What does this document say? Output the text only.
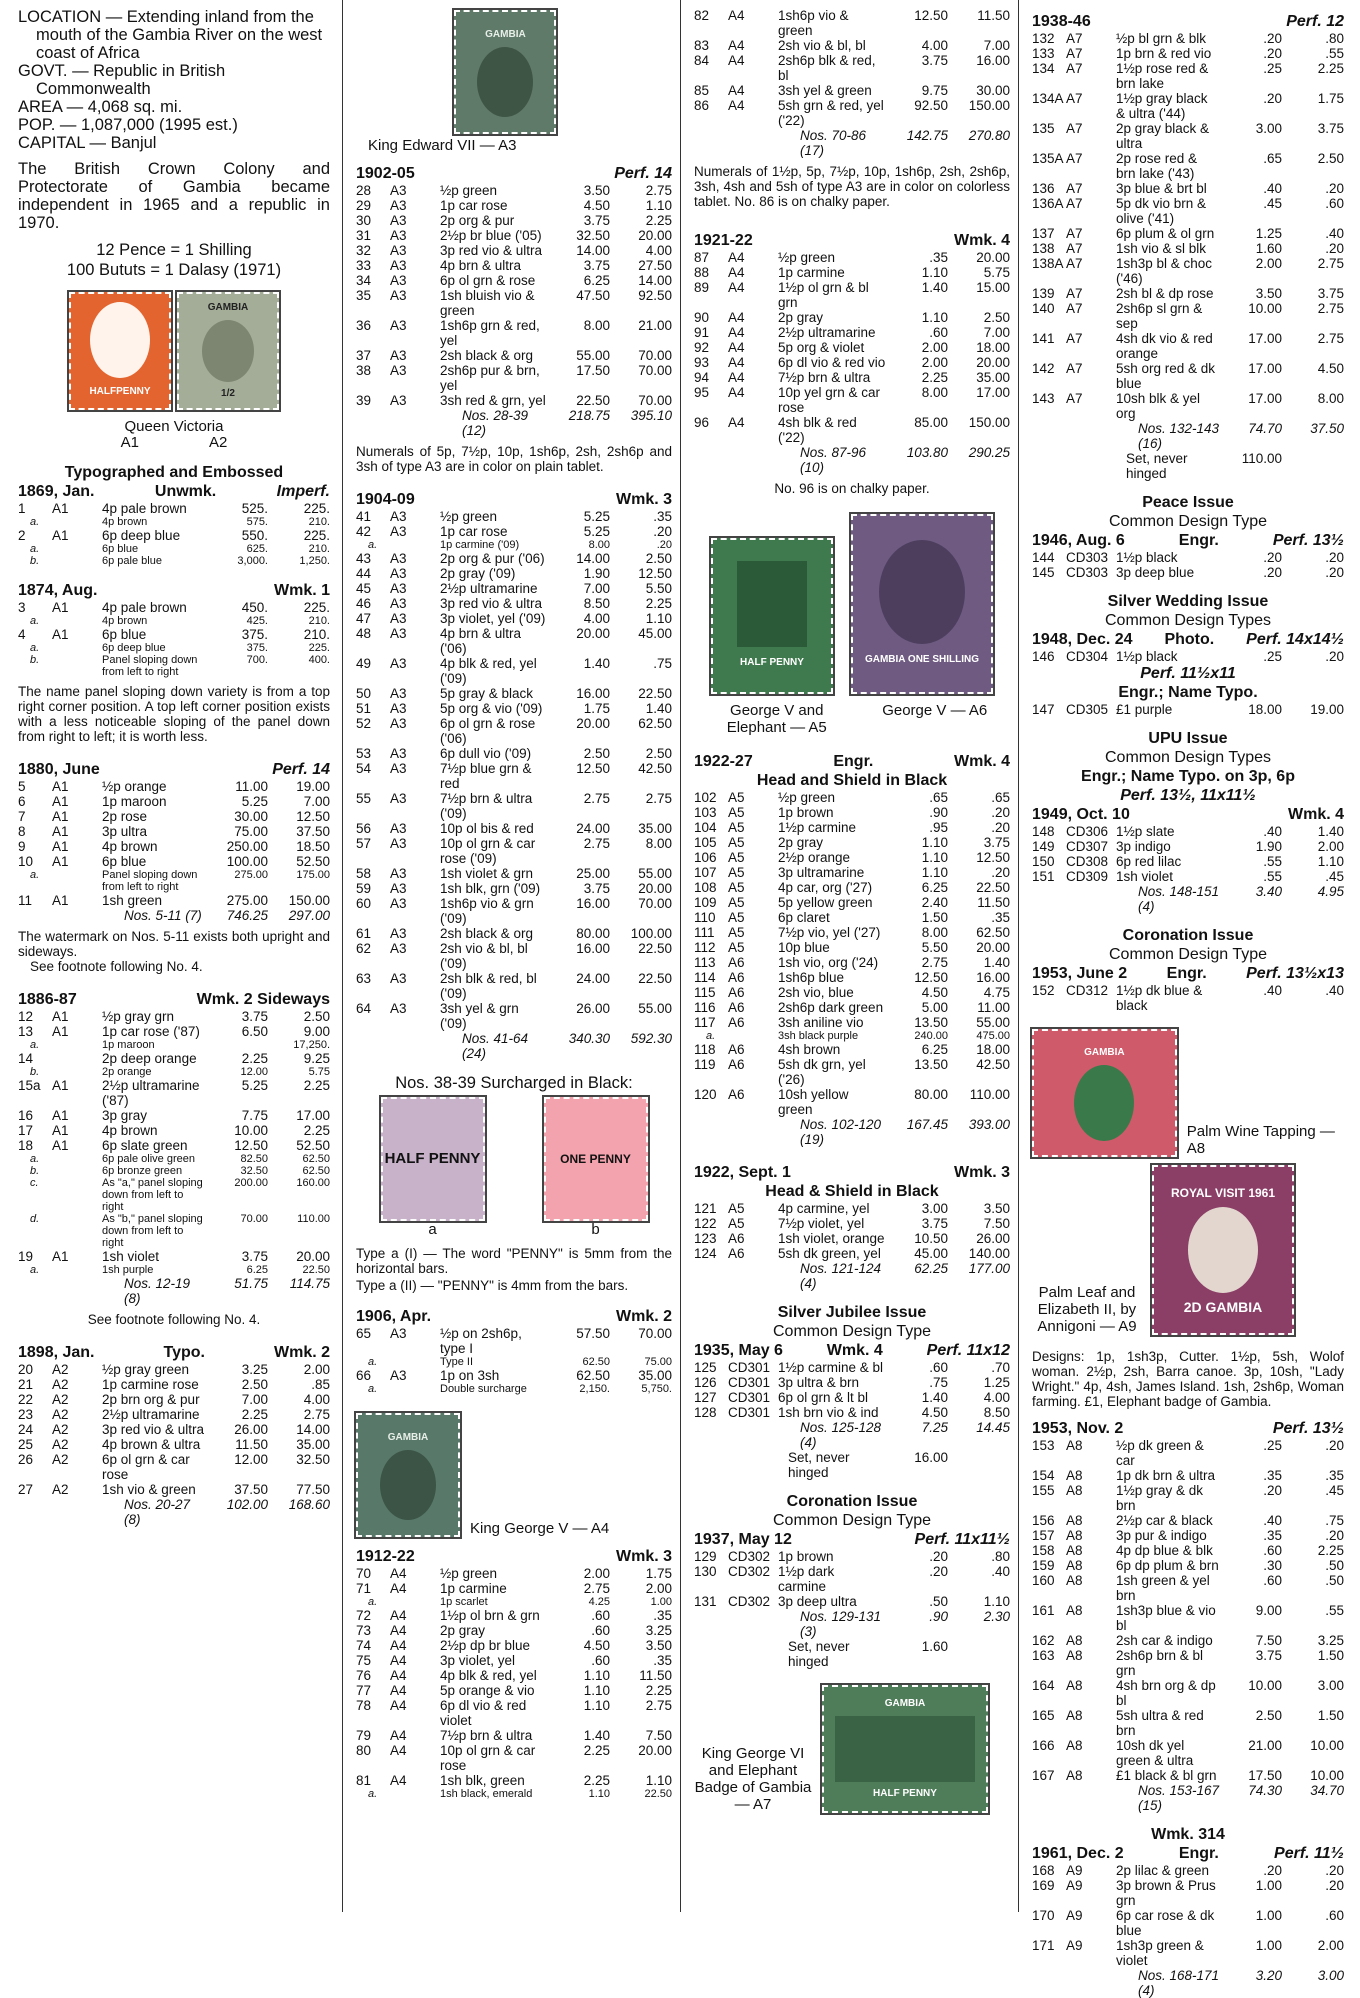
LOCATION — Extending inland from the mouth of the Gambia River on the west coast of Africa

GOVT. — Republic in British Commonwealth

AREA — 4,068 sq. mi.

POP. — 1,087,000 (1995 est.)

CAPITAL — Banjul

The British Crown Colony and Protectorate of Gambia became independent in 1965 and a republic in 1970.

12 Pence = 1 Shilling

100 Bututs = 1 Dalasy (1971)

HALFPENNY
GAMBIA
1/2

Queen Victoria

A1	A2

Typographed and Embossed

1869, Jan.	Unwmk.	Imperf.
1	A1	4p pale brown	525.	225.
a.	4p brown	575.	210.
2	A1	6p deep blue	550.	225.
a.	6p blue	625.	210.
b.	6p pale blue	3,000.	1,250.
1874, Aug.	Wmk. 1
3	A1	4p pale brown	450.	225.
a.	4p brown	425.	210.
4	A1	6p blue	375.	210.
a.	6p deep blue	375.	225.
b.	Panel sloping down from left to right
700.	400.

The name panel sloping down variety is from a top right corner position. A top left corner position exists with a less noticeable sloping of the panel down from right to left; it is worth less.

1880, June	Perf. 14
5	A1	½p orange	11.00	19.00
6	A1	1p maroon	5.25	7.00
7	A1	2p rose	30.00	12.50
8	A1	3p ultra	75.00	37.50
9	A1	4p brown	250.00	18.50
10	A1	6p blue	100.00	52.50
a.	Panel sloping down from left to right
275.00	175.00
11	A1	1sh green	275.00	150.00
Nos. 5-11 (7)	746.25	297.00

The watermark on Nos. 5-11 exists both upright and sideways.

See footnote following No. 4.

1886-87	Wmk. 2 Sideways
12	A1	½p gray grn	3.75	2.50
13	A1	1p car rose ('87)	6.50	9.00
a.	1p maroon	17,250.
14	2p deep orange	2.25	9.25
b.	2p orange	12.00	5.75
15a A1	2½p ultramarine ('87)
5.25	2.25
16	A1	3p gray	7.75	17.00
17	A1	4p brown	10.00	2.25
18	A1	6p slate green	12.50	52.50
a.	6p pale olive green	82.50	62.50
b.	6p bronze green	32.50	62.50
c.	As "a," panel sloping down from left to right
200.00	160.00
d.	As "b," panel sloping down from left to right
70.00	110.00
19	A1	1sh violet	3.75	20.00
a.	1sh purple	6.25	22.50
Nos. 12-19 (8)
51.75	114.75

See footnote following No. 4.

1898, Jan.	Typo.	Wmk. 2
20	A2	½p gray green	3.25	2.00
21	A2	1p carmine rose	2.50	.85
22	A2	2p brn org & pur	7.00	4.00
23	A2	2½p ultramarine	2.25	2.75
24	A2	3p red vio & ultra	26.00	14.00
25	A2	4p brown & ultra	11.50	35.00
26	A2	6p ol grn & car rose
12.00	32.50
27	A2	1sh vio & green	37.50	77.50
Nos. 20-27 (8)
102.00	168.60
King Edward VII — A3
GAMBIA
1902-05	Perf. 14
28	A3	½p green	3.50	2.75
29	A3	1p car rose	4.50	1.10
30	A3	2p org & pur	3.75	2.25
31	A3	2½p br blue ('05)	32.50	20.00
32	A3	3p red vio & ultra	14.00	4.00
33	A3	4p brn & ultra	3.75	27.50
34	A3	6p ol grn & rose	6.25	14.00
35	A3	1sh bluish vio & green
47.50	92.50
36	A3	1sh6p grn & red, yel
8.00	21.00
37	A3	2sh black & org	55.00	70.00
38	A3	2sh6p pur & brn, yel
17.50	70.00
39	A3	3sh red & grn, yel	22.50	70.00
Nos. 28-39 (12)
218.75	395.10

Numerals of 5p, 7½p, 10p, 1sh6p, 2sh, 2sh6p and 3sh of type A3 are in color on plain tablet.

1904-09	Wmk. 3
41	A3	½p green	5.25	.35
42	A3	1p car rose	5.25	.20
a.	1p carmine ('09)	8.00	.20
43	A3	2p org & pur ('06)	14.00	2.50
44	A3	2p gray ('09)	1.90	12.50
45	A3	2½p ultramarine	7.00	5.50
46	A3	3p red vio & ultra	8.50	2.25
47	A3	3p violet, yel ('09)	4.00	1.10
48	A3	4p brn & ultra ('06)
20.00	45.00
49	A3	4p blk & red, yel ('09)
1.40	.75
50	A3	5p gray & black	16.00	22.50
51	A3	5p org & vio ('09)	1.75	1.40
52	A3	6p ol grn & rose ('06)
20.00	62.50
53	A3	6p dull vio ('09)	2.50	2.50
54	A3	7½p blue grn & red
12.50	42.50
55	A3	7½p brn & ultra ('09)
2.75	2.75
56	A3	10p ol bis & red	24.00	35.00
57	A3	10p ol grn & car rose ('09)
2.75	8.00
58	A3	1sh violet & grn	25.00	55.00
59	A3	1sh blk, grn ('09)	3.75	20.00
60	A3	1sh6p vio & grn ('09)
16.00	70.00
61	A3	2sh black & org	80.00	100.00
62	A3	2sh vio & bl, bl ('09)
16.00	22.50
63	A3	2sh blk & red, bl ('09)
24.00	22.50
64	A3	3sh yel & grn ('09)
26.00	55.00
Nos. 41-64 (24)
340.30	592.30

Nos. 38-39 Surcharged in Black:

HALF PENNY
a
ONE PENNY
b

Type a (I) — The word "PENNY" is 5mm from the horizontal bars.

Type a (II) — "PENNY" is 4mm from the bars.

1906, Apr.	Wmk. 2
65	A3	½p on 2sh6p, type I
57.50	70.00
a.	Type II	62.50	75.00
66	A3	1p on 3sh	62.50	35.00
a.	Double surcharge	2,150.	5,750.
GAMBIA
King George V — A4
1912-22	Wmk. 3
70	A4	½p green	2.00	1.75
71	A4	1p carmine	2.75	2.00
a.	1p scarlet	4.25	1.00
72	A4	1½p ol brn & grn	.60	.35
73	A4	2p gray	.60	3.25
74	A4	2½p dp br blue	4.50	3.50
75	A4	3p violet, yel	.60	.35
76	A4	4p blk & red, yel	1.10	11.50
77	A4	5p orange & vio	1.10	2.25
78	A4	6p dl vio & red violet
1.10	2.75
79	A4	7½p brn & ultra	1.40	7.50
80	A4	10p ol grn & car rose
2.25	20.00
81	A4	1sh blk, green	2.25	1.10
a.	1sh black, emerald	1.10	22.50
82	A4	1sh6p vio & green
12.50	11.50
83	A4	2sh vio & bl, bl	4.00	7.00
84	A4	2sh6p blk & red, bl
3.75	16.00
85	A4	3sh yel & green	9.75	30.00
86	A4	5sh grn & red, yel ('22)
92.50	150.00
Nos. 70-86 (17)
142.75	270.80

Numerals of 1½p, 5p, 7½p, 10p, 1sh6p, 2sh, 2sh6p, 3sh, 4sh and 5sh of type A3 are in color on colorless tablet. No. 86 is on chalky paper.

1921-22	Wmk. 4
87	A4	½p green	.35	20.00
88	A4	1p carmine	1.10	5.75
89	A4	1½p ol grn & bl grn
1.40	15.00
90	A4	2p gray	1.10	2.50
91	A4	2½p ultramarine	.60	7.00
92	A4	5p org & violet	2.00	18.00
93	A4	6p dl vio & red vio	2.00	20.00
94	A4	7½p brn & ultra	2.25	35.00
95	A4	10p yel grn & car rose
8.00	17.00
96	A4	4sh blk & red ('22)
85.00	150.00
Nos. 87-96 (10)
103.80	290.25

No. 96 is on chalky paper.

HALF PENNY	GAMBIA ONE SHILLING
George V and Elephant — A5
George V — A6
1922-27	Engr.	Wmk. 4

Head and Shield in Black

102 A5	½p green	.65	.65
103 A5	1p brown	.90	.20
104 A5	1½p carmine	.95	.20
105 A5	2p gray	1.10	3.75
106 A5	2½p orange	1.10	12.50
107 A5	3p ultramarine	1.10	.20
108 A5	4p car, org ('27)	6.25	22.50
109 A5	5p yellow green	2.40	11.50
110 A5	6p claret	1.50	.35
111 A5	7½p vio, yel ('27)	8.00	62.50
112 A5	10p blue	5.50	20.00
113 A6	1sh vio, org ('24)	2.75	1.40
114 A6	1sh6p blue	12.50	16.00
115 A6	2sh vio, blue	4.50	4.75
116 A6	2sh6p dark green	5.00	11.00
117 A6	3sh aniline vio	13.50	55.00
a.	3sh black purple	240.00	475.00
118 A6	4sh brown	6.25	18.00
119 A6	5sh dk grn, yel ('26)
13.50	42.50
120 A6	10sh yellow green
80.00	110.00
Nos. 102-120 (19)
167.45	393.00
1922, Sept. 1	Wmk. 3

Head & Shield in Black

121 A5	4p carmine, yel	3.00	3.50
122 A5	7½p violet, yel	3.75	7.50
123 A6	1sh violet, orange	10.50	26.00
124 A6	5sh dk green, yel	45.00	140.00
Nos. 121-124 (4)
62.25	177.00

Silver Jubilee Issue

Common Design Type

1935, May 6	Wmk. 4	Perf. 11x12
125 CD301 1½p carmine & bl	.60	.70
126 CD301 3p ultra & brn	.75	1.25
127 CD301 6p ol grn & lt bl	1.40	4.00
128 CD301 1sh brn vio & ind	4.50	8.50
Nos. 125-128 (4)
7.25	14.45
Set, never hinged
16.00

Coronation Issue

Common Design Type

1937, May 12	Perf. 11x11½
129 CD302 1p brown	.20	.80
130 CD302 1½p dark carmine
.20	.40
131 CD302 3p deep ultra	.50	1.10
Nos. 129-131 (3)
.90	2.30
Set, never hinged
1.60
King George VI and Elephant Badge of Gambia — A7
GAMBIA
HALF PENNY
1938-46	Perf. 12
132 A7	½p bl grn & blk	.20	.80
133 A7	1p brn & red vio	.20	.55
134 A7	1½p rose red & brn lake
.25	2.25
134A A7	1½p gray black & ultra ('44)
.20	1.75
135 A7	2p gray black & ultra
3.00	3.75
135A A7	2p rose red & brn lake ('43)
.65	2.50
136 A7	3p blue & brt bl	.40	.20
136A A7	5p dk vio brn & olive ('41)
.45	.60
137 A7	6p plum & ol grn	1.25	.40
138 A7	1sh vio & sl blk	1.60	.20
138A A7	1sh3p bl & choc ('46)
2.00	2.75
139 A7	2sh bl & dp rose	3.50	3.75
140 A7	2sh6p sl grn & sep
10.00	2.75
141 A7	4sh dk vio & red orange
17.00	2.75
142 A7	5sh org red & dk blue
17.00	4.50
143 A7	10sh blk & yel org
17.00	8.00
Nos. 132-143 (16)
74.70	37.50
Set, never hinged
110.00

Peace Issue

Common Design Type

1946, Aug. 6	Engr.	Perf. 13½
144 CD303 1½p black	.20	.20
145 CD303 3p deep blue	.20	.20

Silver Wedding Issue

Common Design Types

1948, Dec. 24 Photo. Perf. 14x14½
146 CD304 1½p black	.25	.20

Perf. 11½x11

Engr.; Name Typo.

147 CD305 £1 purple	18.00	19.00

UPU Issue

Common Design Types

Engr.; Name Typo. on 3p, 6p

Perf. 13½, 11x11½

1949, Oct. 10	Wmk. 4
148 CD306 1½p slate	.40	1.40
149 CD307 3p indigo	1.90	2.00
150 CD308 6p red lilac	.55	1.10
151 CD309 1sh violet	.55	.45
Nos. 148-151 (4)
3.40	4.95

Coronation Issue

Common Design Type

1953, June 2 Engr. Perf. 13½x13
152 CD312 1½p dk blue & black
.40	.40
GAMBIA
Palm Wine Tapping — A8
Palm Leaf and Elizabeth II, by Annigoni — A9
ROYAL VISIT 1961
2D GAMBIA

Designs: 1p, 1sh3p, Cutter. 1½p, 5sh, Wolof woman. 2½p, 2sh, Barra canoe. 3p, 10sh, "Lady Wright." 4p, 4sh, James Island. 1sh, 2sh6p, Woman farming. £1, Elephant badge of Gambia.

1953, Nov. 2	Perf. 13½
153 A8	½p dk green & car
.25	.20
154 A8	1p dk brn & ultra	.35	.35
155 A8	1½p gray & dk brn
.20	.45
156 A8	2½p car & black	.40	.75
157 A8	3p pur & indigo	.35	.20
158 A8	4p dp blue & blk	.60	2.25
159 A8	6p dp plum & brn	.30	.50
160 A8	1sh green & yel brn
.60	.50
161 A8	1sh3p blue & vio bl
9.00	.55
162 A8	2sh car & indigo	7.50	3.25
163 A8	2sh6p brn & bl grn
3.75	1.50
164 A8	4sh brn org & dp bl
10.00	3.00
165 A8	5sh ultra & red brn
2.50	1.50
166 A8	10sh dk yel green & ultra
21.00	10.00
167 A8	£1 black & bl grn	17.50	10.00
Nos. 153-167 (15)
74.30	34.70

Wmk. 314

1961, Dec. 2	Engr.	Perf. 11½
168 A9	2p lilac & green	.20	.20
169 A9	3p brown & Prus grn
1.00	.20
170 A9	6p car rose & dk blue
1.00	.60
171 A9	1sh3p green & violet
1.00	2.00
Nos. 168-171 (4)
3.20	3.00
